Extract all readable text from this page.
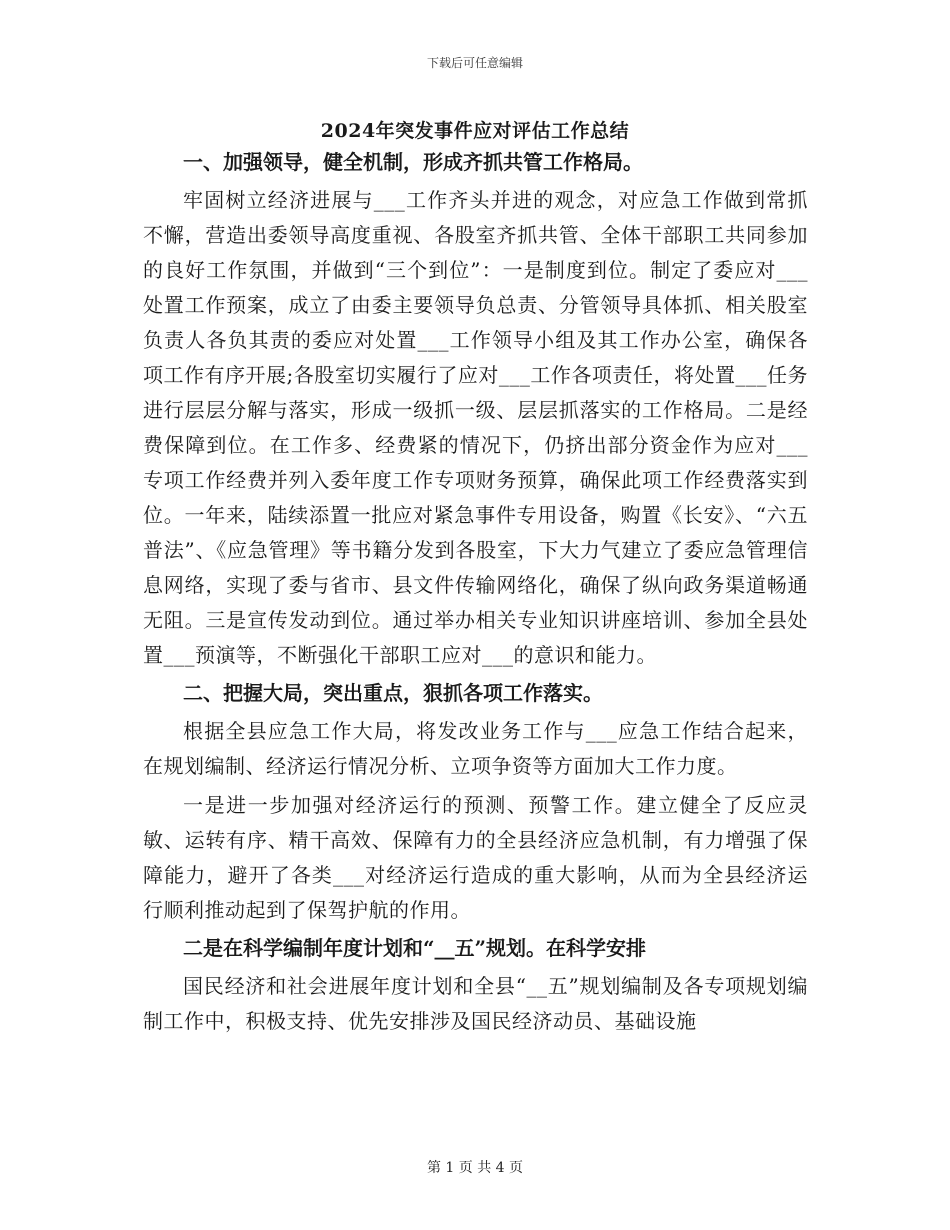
下载后可任意编辑
2024年突发事件应对评估工作总结

一、加强领导，健全机制，形成齐抓共管工作格局。

牢固树立经济进展与___工作齐头并进的观念，对应急工作做到常抓不懈，营造出委领导高度重视、各股室齐抓共管、全体干部职工共同参加的良好工作氛围，并做到“三个到位”：一是制度到位。制定了委应对___处置工作预案，成立了由委主要领导负总责、分管领导具体抓、相关股室负责人各负其责的委应对处置___工作领导小组及其工作办公室，确保各项工作有序开展;各股室切实履行了应对___工作各项责任，将处置___任务进行层层分解与落实，形成一级抓一级、层层抓落实的工作格局。二是经费保障到位。在工作多、经费紧的情况下，仍挤出部分资金作为应对___专项工作经费并列入委年度工作专项财务预算，确保此项工作经费落实到位。一年来，陆续添置一批应对紧急事件专用设备，购置《长安》、“六五普法”、《应急管理》等书籍分发到各股室，下大力气建立了委应急管理信息网络，实现了委与省市、县文件传输网络化，确保了纵向政务渠道畅通无阻。三是宣传发动到位。通过举办相关专业知识讲座培训、参加全县处置___预演等，不断强化干部职工应对___的意识和能力。

二、把握大局，突出重点，狠抓各项工作落实。

根据全县应急工作大局，将发改业务工作与___应急工作结合起来，在规划编制、经济运行情况分析、立项争资等方面加大工作力度。

一是进一步加强对经济运行的预测、预警工作。建立健全了反应灵敏、运转有序、精干高效、保障有力的全县经济应急机制，有力增强了保障能力，避开了各类___对经济运行造成的重大影响，从而为全县经济运行顺利推动起到了保驾护航的作用。

二是在科学编制年度计划和“__五”规划。在科学安排

国民经济和社会进展年度计划和全县“__五”规划编制及各专项规划编制工作中，积极支持、优先安排涉及国民经济动员、基础设施

第 1 页 共 4 页
